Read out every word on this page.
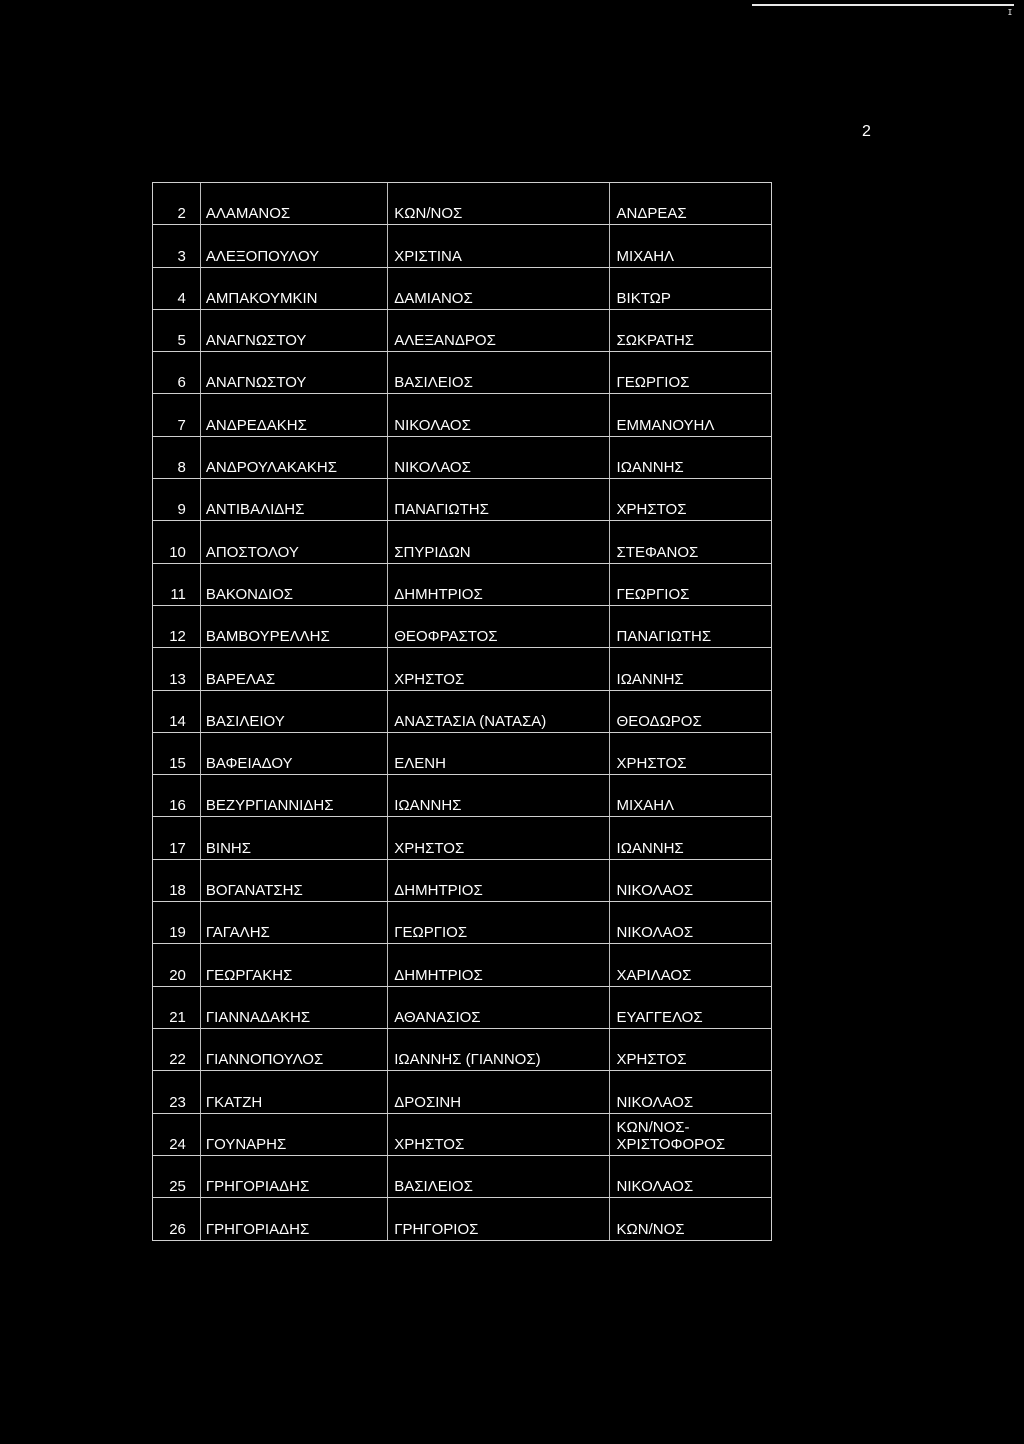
ɪ
2
2	ΑΛΑΜΑΝΟΣ	ΚΩΝ/ΝΟΣ	ΑΝΔΡΕΑΣ
3	ΑΛΕΞΟΠΟΥΛΟΥ	ΧΡΙΣΤΙΝΑ	ΜΙΧΑΗΛ
4	ΑΜΠΑΚΟΥΜΚΙΝ	ΔΑΜΙΑΝΟΣ	ΒΙΚΤΩΡ
5	ΑΝΑΓΝΩΣΤΟΥ	ΑΛΕΞΑΝΔΡΟΣ	ΣΩΚΡΑΤΗΣ
6	ΑΝΑΓΝΩΣΤΟΥ	ΒΑΣΙΛΕΙΟΣ	ΓΕΩΡΓΙΟΣ
7	ΑΝΔΡΕΔΑΚΗΣ	ΝΙΚΟΛΑΟΣ	ΕΜΜΑΝΟΥΗΛ
8	ΑΝΔΡΟΥΛΑΚΑΚΗΣ	ΝΙΚΟΛΑΟΣ	ΙΩΑΝΝΗΣ
9	ΑΝΤΙΒΑΛΙΔΗΣ	ΠΑΝΑΓΙΩΤΗΣ	ΧΡΗΣΤΟΣ
10	ΑΠΟΣΤΟΛΟΥ	ΣΠΥΡΙΔΩΝ	ΣΤΕΦΑΝΟΣ
11	ΒΑΚΟΝΔΙΟΣ	ΔΗΜΗΤΡΙΟΣ	ΓΕΩΡΓΙΟΣ
12	ΒΑΜΒΟΥΡΕΛΛΗΣ	ΘΕΟΦΡΑΣΤΟΣ	ΠΑΝΑΓΙΩΤΗΣ
13	ΒΑΡΕΛΑΣ	ΧΡΗΣΤΟΣ	ΙΩΑΝΝΗΣ
14	ΒΑΣΙΛΕΙΟΥ	ΑΝΑΣΤΑΣΙΑ (ΝΑΤΑΣΑ)	ΘΕΟΔΩΡΟΣ
15	ΒΑΦΕΙΑΔΟΥ	ΕΛΕΝΗ	ΧΡΗΣΤΟΣ
16	ΒΕΖΥΡΓΙΑΝΝΙΔΗΣ	ΙΩΑΝΝΗΣ	ΜΙΧΑΗΛ
17	ΒΙΝΗΣ	ΧΡΗΣΤΟΣ	ΙΩΑΝΝΗΣ
18	ΒΟΓΑΝΑΤΣΗΣ	ΔΗΜΗΤΡΙΟΣ	ΝΙΚΟΛΑΟΣ
19	ΓΑΓΑΛΗΣ	ΓΕΩΡΓΙΟΣ	ΝΙΚΟΛΑΟΣ
20	ΓΕΩΡΓΑΚΗΣ	ΔΗΜΗΤΡΙΟΣ	ΧΑΡΙΛΑΟΣ
21	ΓΙΑΝΝΑΔΑΚΗΣ	ΑΘΑΝΑΣΙΟΣ	ΕΥΑΓΓΕΛΟΣ
22	ΓΙΑΝΝΟΠΟΥΛΟΣ	ΙΩΑΝΝΗΣ (ΓΙΑΝΝΟΣ)	ΧΡΗΣΤΟΣ
23	ΓΚΑΤΖΗ	ΔΡΟΣΙΝΗ	ΝΙΚΟΛΑΟΣ
24	ΓΟΥΝΑΡΗΣ	ΧΡΗΣΤΟΣ
ΚΩΝ/ΝΟΣ-
ΧΡΙΣΤΟΦΟΡΟΣ
25	ΓΡΗΓΟΡΙΑΔΗΣ	ΒΑΣΙΛΕΙΟΣ	ΝΙΚΟΛΑΟΣ
26	ΓΡΗΓΟΡΙΑΔΗΣ	ΓΡΗΓΟΡΙΟΣ	ΚΩΝ/ΝΟΣ
